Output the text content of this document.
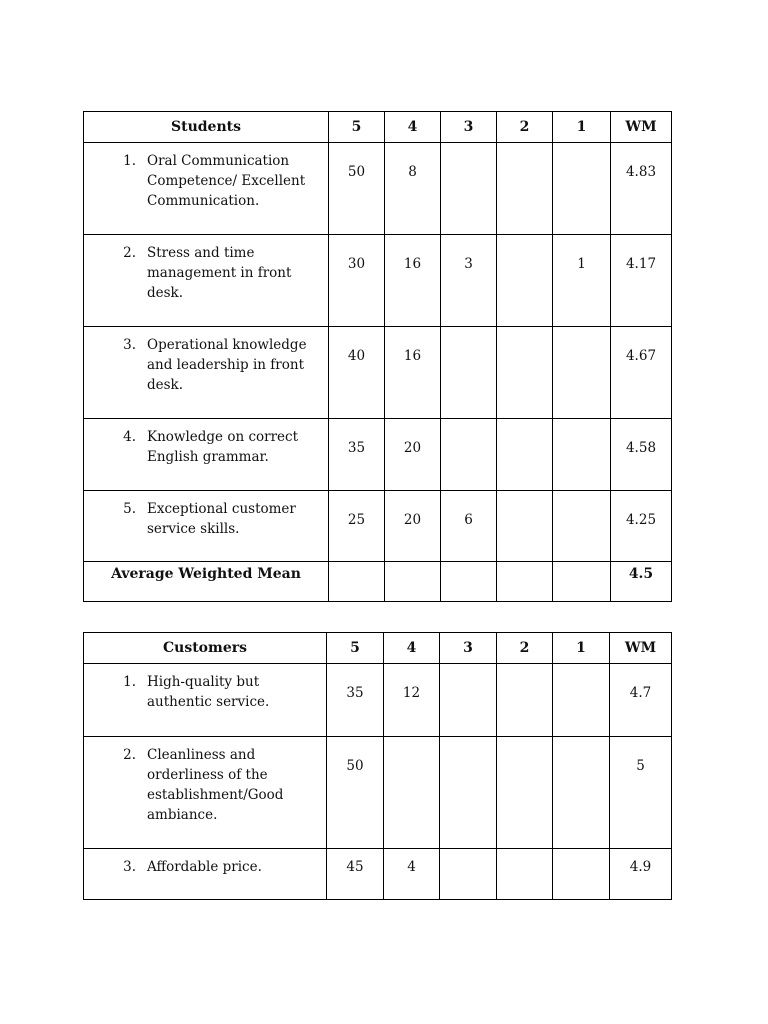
Students	5	4	3	2	1	WM

1. Oral Communication Competence/ Excellent Communication.	50	8				4.83

2. Stress and time management in front desk.	30	16	3		1	4.17

3. Operational knowledge and leadership in front desk.	40	16				4.67

4. Knowledge on correct English grammar.	35	20				4.58

5. Exceptional customer service skills.	25	20	6			4.25
Average Weighted Mean						4.5
Customers	5	4	3	2	1	WM

1. High-quality but authentic service.	35	12				4.7

2. Cleanliness and orderliness of the establishment/Good ambiance.	50					5

3. Affordable price.	45	4				4.9
